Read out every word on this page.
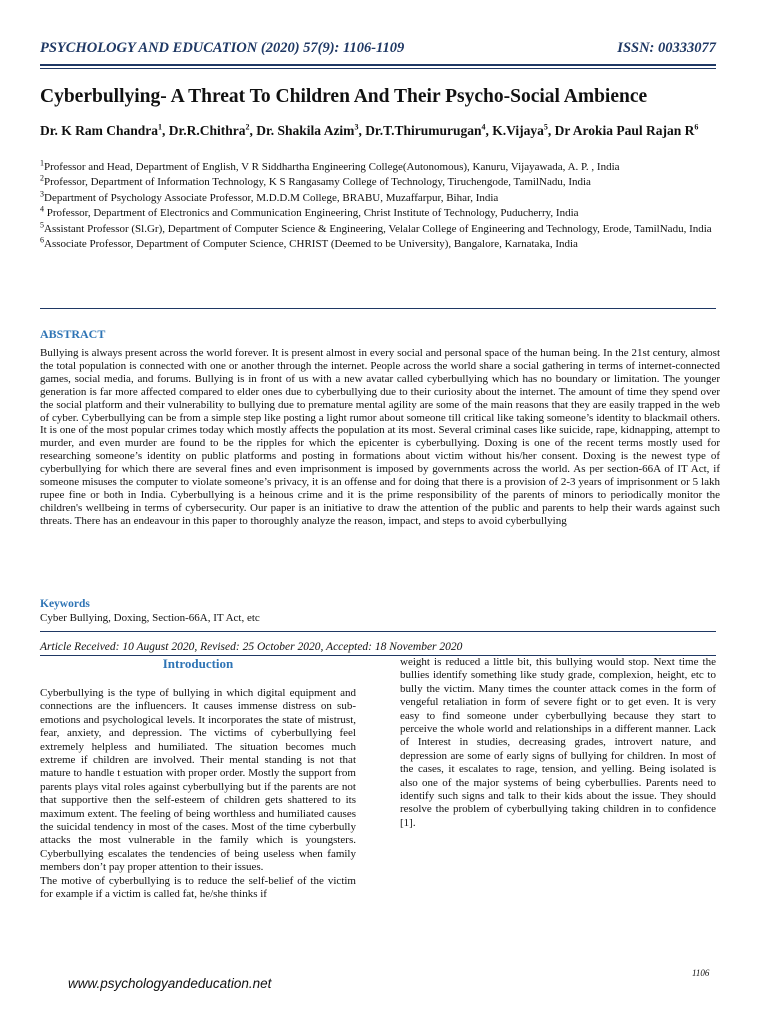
PSYCHOLOGY AND EDUCATION (2020) 57(9): 1106-1109	ISSN: 00333077
Cyberbullying- A Threat To Children And Their Psycho-Social Ambience
Dr. K Ram Chandra$^1$, Dr.R.Chithra$^2$, Dr. Shakila Azim$^3$, Dr.T.Thirumurugan$^4$, K.Vijaya$^5$, Dr Arokia Paul Rajan $R^6$

$^1$Professor and Head, Department of English, V R Siddhartha Engineering College(Autonomous), Kanuru, Vijayawada, A. P. , India

$^2$Professor, Department of Information Technology, K S Rangasamy College of Technology, Tiruchengode, TamilNadu, India

$^3$Department of Psychology Associate Professor, M.D.D.M College, BRABU, Muzaffarpur, Bihar, India

$^4$ Professor, Department of Electronics and Communication Engineering, Christ Institute of Technology, Puducherry, India

$^5$Assistant Professor (Sl.Gr), Department of Computer Science & Engineering, Velalar College of Engineering and Technology, Erode, TamilNadu, India

$^6$Associate Professor, Department of Computer Science, CHRIST (Deemed to be University), Bangalore, Karnataka, India

ABSTRACT

Bullying is always present across the world forever. It is present almost in every social and personal space of the human being. In the 21st century, almost the total population is connected with one or another through the internet. People across the world share a social gathering in terms of internet-connected games, social media, and forums. Bullying is in front of us with a new avatar called cyberbullying which has no boundary or limitation. The younger generation is far more affected compared to elder ones due to cyberbullying due to their curiosity about the internet. The amount of time they spend over the social platform and their vulnerability to bullying due to premature mental agility are some of the main reasons that they are easily trapped in the web of cyber. Cyberbullying can be from a simple step like posting a light rumor about someone till critical like taking someone’s identity to blackmail others. It is one of the most popular crimes today which mostly affects the population at its most. Several criminal cases like suicide, rape, kidnapping, attempt to murder, and even murder are found to be the ripples for which the epicenter is cyberbullying. Doxing is one of the recent terms mostly used for researching someone’s identity on public platforms and posting in formations about victim without his/her consent. Doxing is the newest type of cyberbullying for which there are several fines and even imprisonment is imposed by governments across the world. As per section-66A of IT Act, if someone misuses the computer to violate someone’s privacy, it is an offense and for doing that there is a provision of 2-3 years of imprisonment or 5 lakh rupee fine or both in India. Cyberbullying is a heinous crime and it is the prime responsibility of the parents of minors to periodically monitor the children's wellbeing in terms of cybersecurity. Our paper is an initiative to draw the attention of the public and parents to help their wards against such threats. There has an endeavour in this paper to thoroughly analyze the reason, impact, and steps to avoid cyberbullying

Keywords
Cyber Bullying, Doxing, Section-66A, IT Act, etc
Article Received: 10 August 2020, Revised: 25 October 2020, Accepted: 18 November 2020
Introduction

Cyberbullying is the type of bullying in which digital equipment and connections are the influencers. It causes immense distress on sub-emotions and psychological levels. It incorporates the state of mistrust, fear, anxiety, and depression. The victims of cyberbullying feel extremely helpless and humiliated. The situation becomes much extreme if children are involved. Their mental standing is not that mature to handle t estuation with proper order. Mostly the support from parents plays vital roles against cyberbullying but if the parents are not that supportive then the self-esteem of children gets shattered to its maximum extent. The feeling of being worthless and humiliated causes the suicidal tendency in most of the cases. Most of the time cyberbully attacks the most vulnerable in the family which is youngsters. Cyberbullying escalates the tendencies of being useless when family members don’t pay proper attention to their issues.

The motive of cyberbullying is to reduce the self-belief of the victim for example if a victim is called fat, he/she thinks if

weight is reduced a little bit, this bullying would stop. Next time the bullies identify something like study grade, complexion, height, etc to bully the victim. Many times the counter attack comes in the form of vengeful retaliation in form of severe fight or to get even. It is very easy to find someone under cyberbullying because they start to perceive the whole world and relationships in a different manner. Lack of Interest in studies, decreasing grades, introvert nature, and depression are some of early signs of bullying for children. In most of the cases, it escalates to rage, tension, and yelling. Being isolated is also one of the major systems of being cyberbullies. Parents need to identify such signs and talk to their kids about the issue. They should resolve the problem of cyberbullying taking children in to confidence [1].

1106
www.psychologyandeducation.net
